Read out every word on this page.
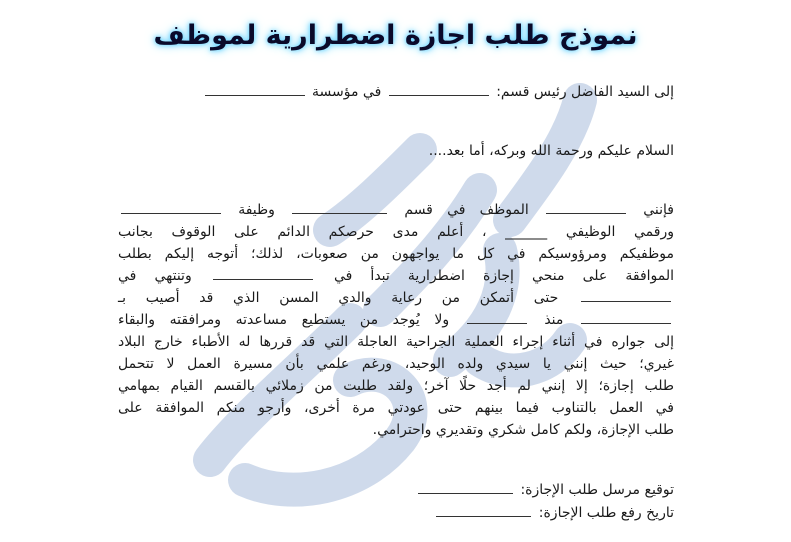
نموذج طلب اجازة اضطرارية لموظف
إلى السيد الفاضل رئيس قسم:  في مؤسسة
السلام عليكم ورحمة الله وبركه، أما بعد....
فإنني  الموظف في قسم  وظيفة
ورقمي الوظيفي ______ ، أعلم مدى حرصكم الدائم على الوقوف بجانب
موظفيكم ومرؤوسيكم في كل ما يواجهون من صعوبات، لذلك؛ أتوجه إليكم بطلب
الموافقة على منحي إجازة اضطرارية تبدأ في  وتنتهي في
حتى أتمكن من رعاية والدي المسن الذي قد أصيب بـ
منذ  ولا يُوجد من يستطيع مساعدته ومرافقته والبقاء
إلى جواره في أثناء إجراء العملية الجراحية العاجلة التي قد قررها له الأطباء خارج البلاد
غيري؛ حيث إنني يا سيدي ولده الوحيد، ورغم علمي بأن مسيرة العمل لا تتحمل
طلب إجازة؛ إلا إنني لم أجد حلًا آخر؛ ولقد طلبت من زملائي بالقسم القيام بمهامي
في العمل بالتناوب فيما بينهم حتى عودتي مرة أخرى، وأرجو منكم الموافقة على
طلب الإجازة، ولكم كامل شكري وتقديري واحترامي.
توقيع مرسل طلب الإجازة:
تاريخ رفع طلب الإجازة:
